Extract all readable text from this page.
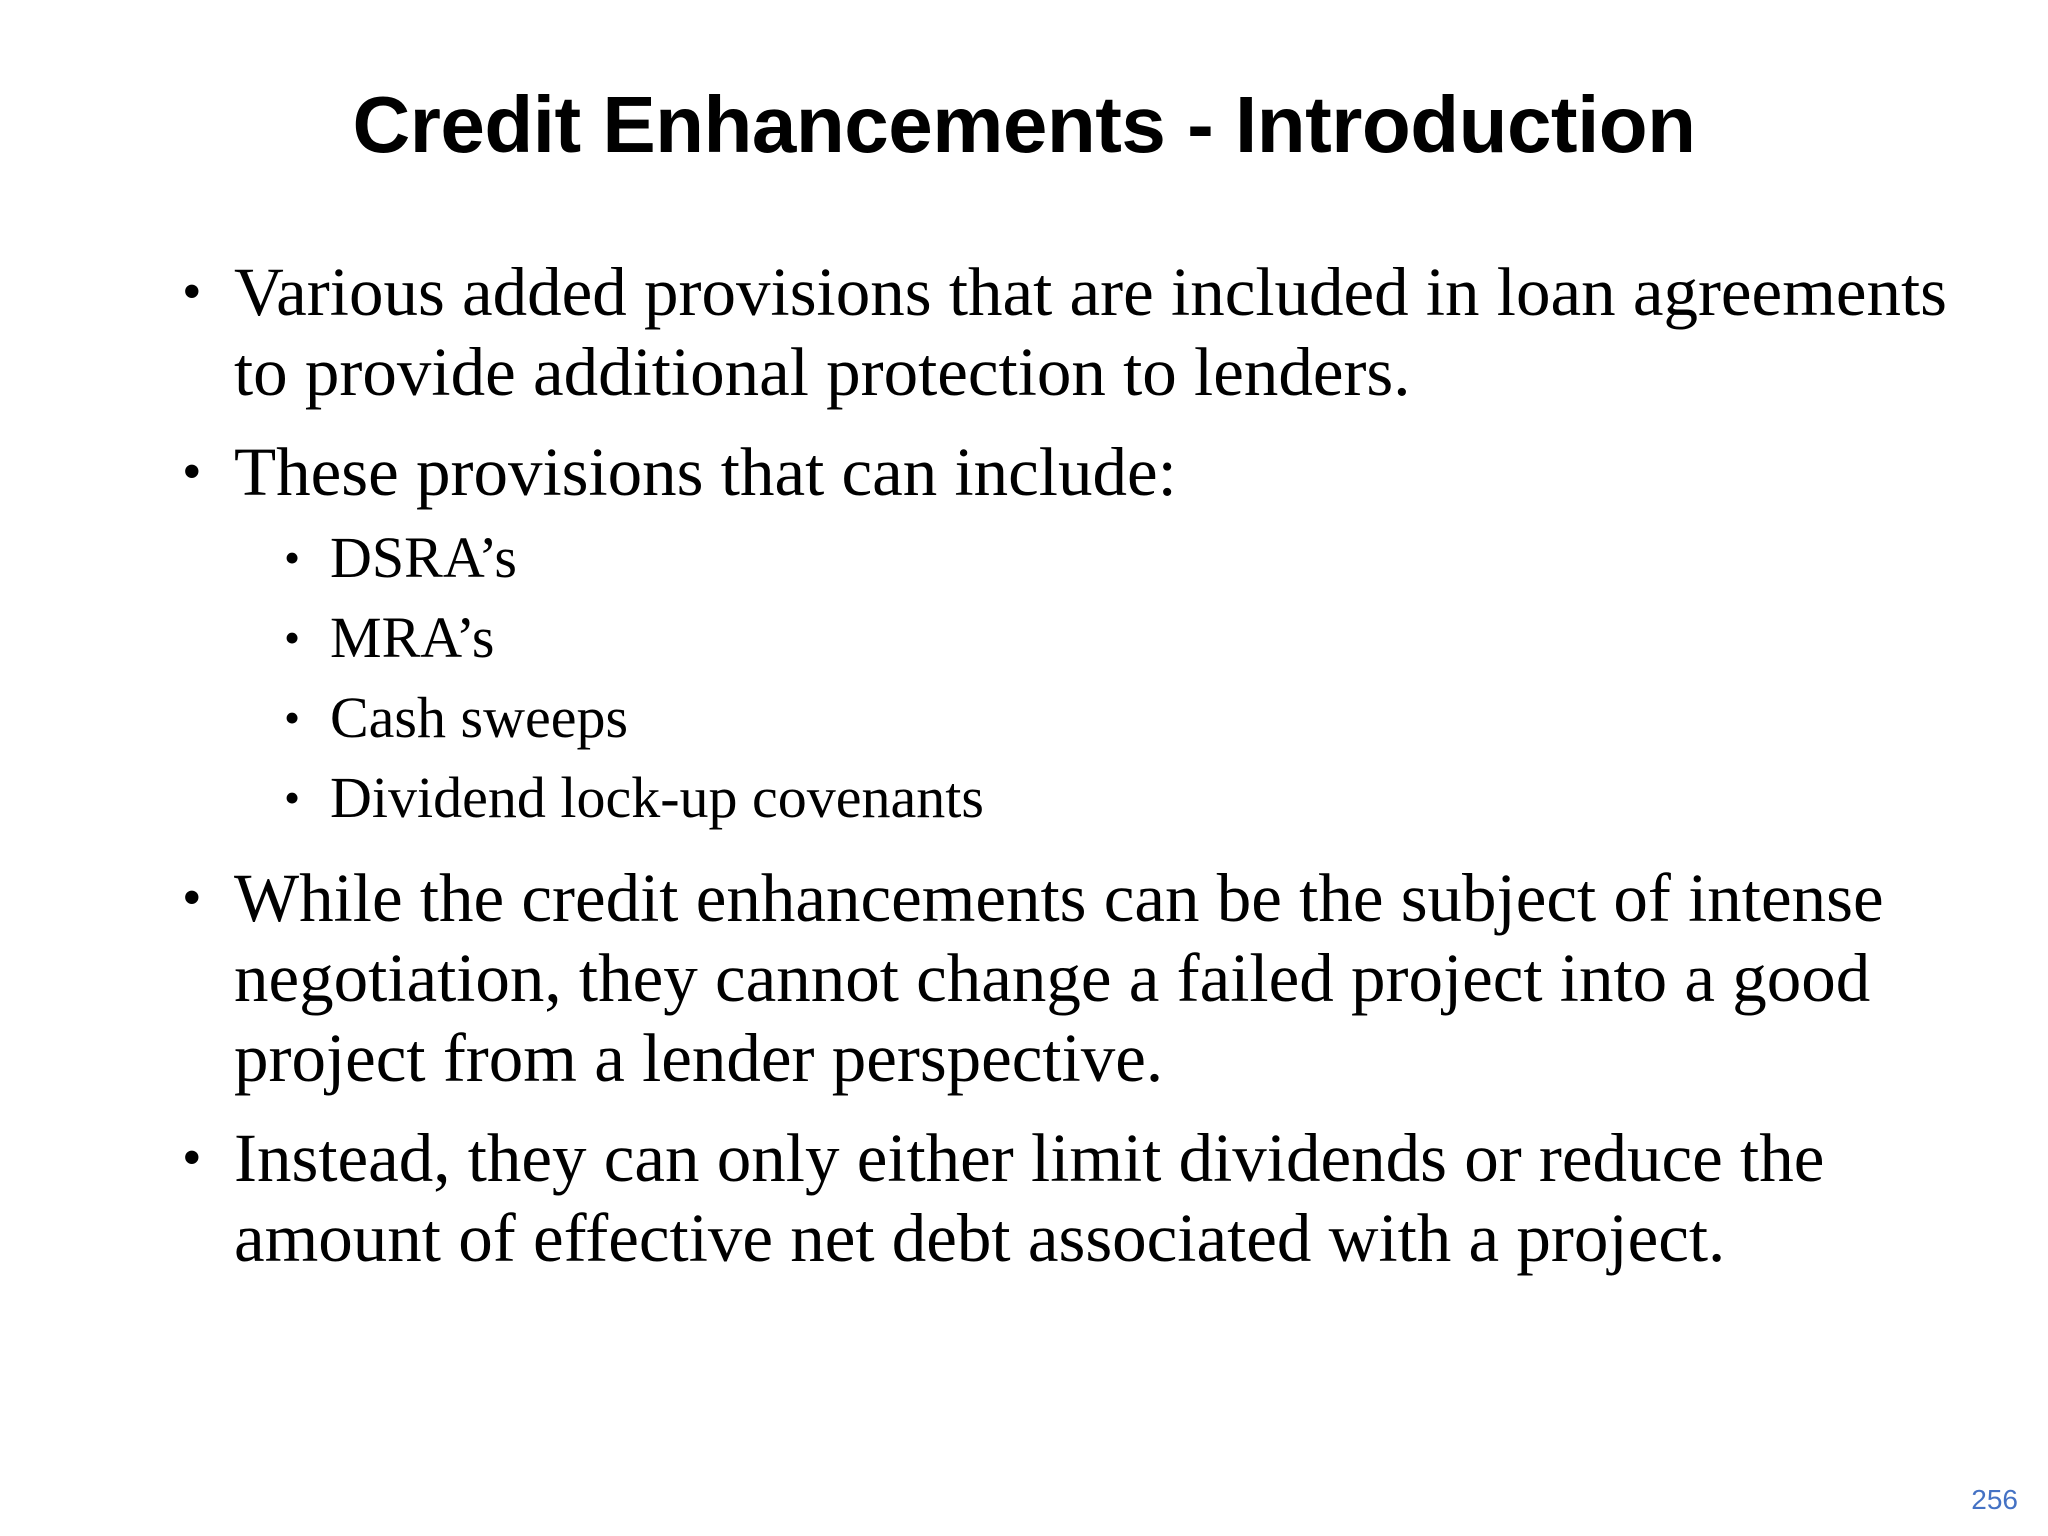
Credit Enhancements - Introduction
• Various added provisions that are included in loan agreements to provide additional protection to lenders.
• These provisions that can include:
• DSRA’s
• MRA’s
• Cash sweeps
• Dividend lock-up covenants
• While the credit enhancements can be the subject of intense negotiation, they cannot change a failed project into a good project from a lender perspective.
• Instead, they can only either limit dividends or reduce the amount of effective net debt associated with a project.
256
